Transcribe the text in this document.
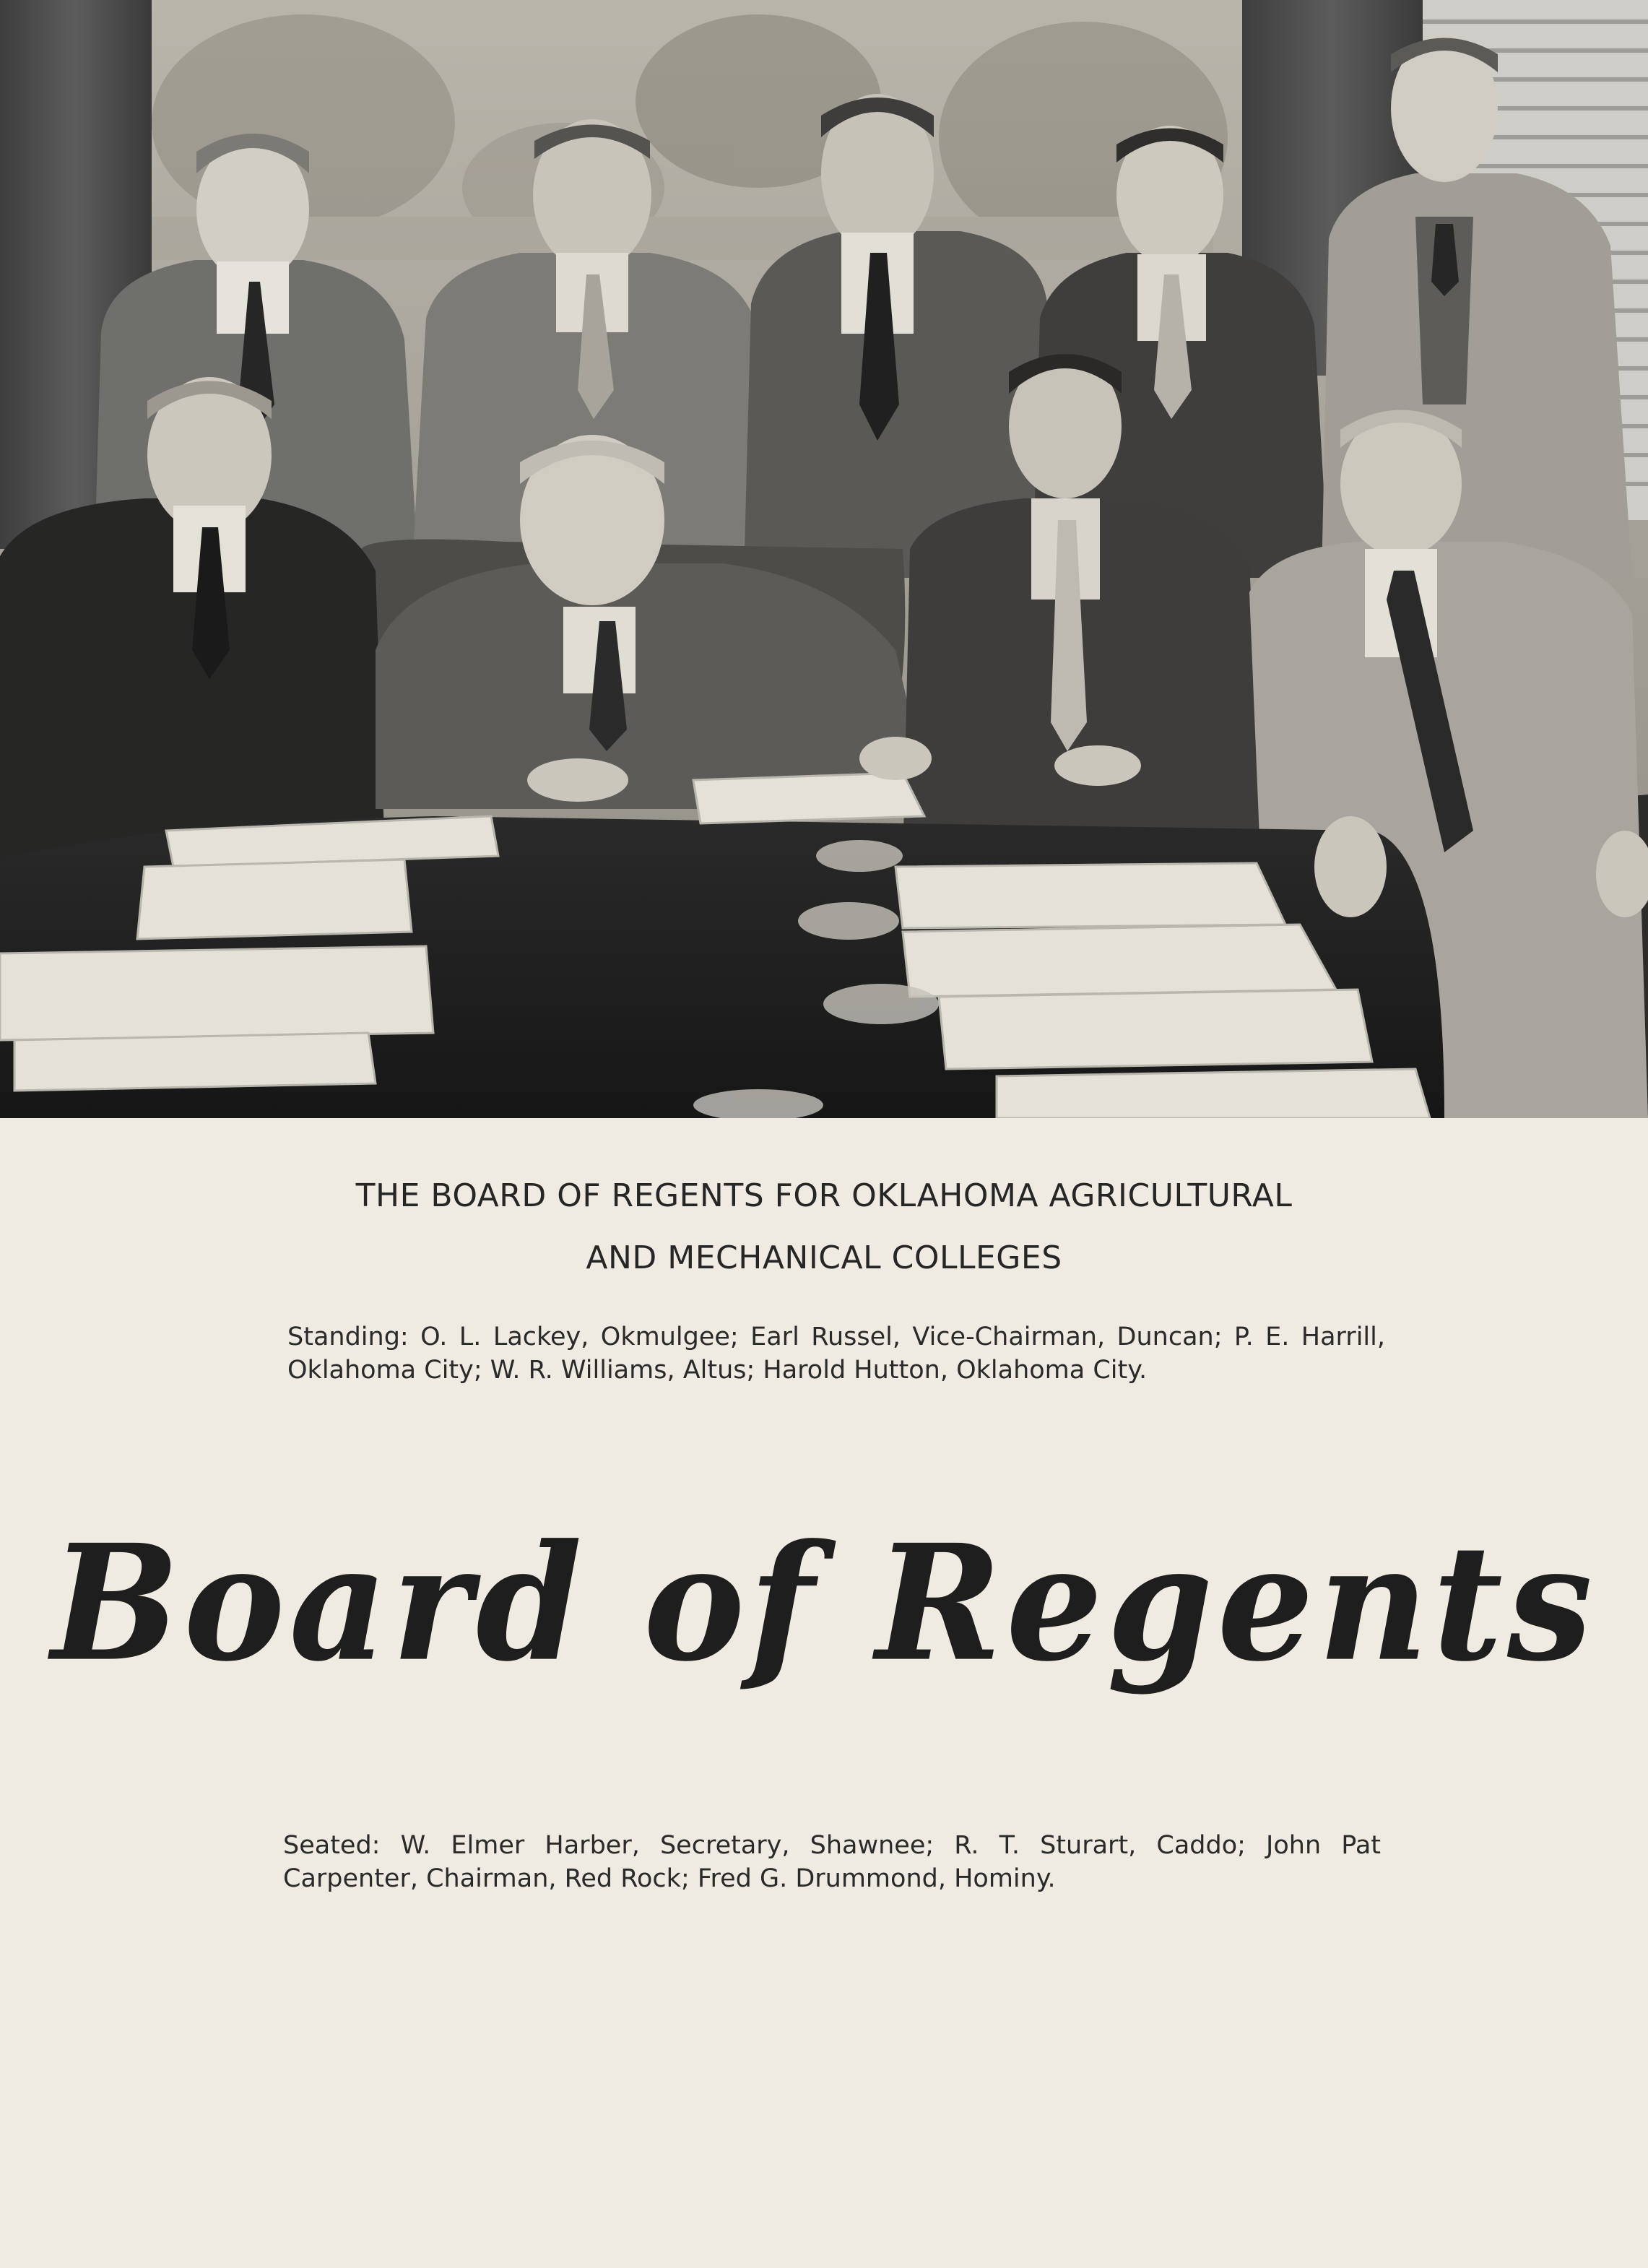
THE BOARD OF REGENTS FOR OKLAHOMA AGRICULTURAL
AND MECHANICAL COLLEGES
Standing: O. L. Lackey, Okmulgee; Earl Russel, Vice-Chairman, Duncan; P. E. Harrill, Oklahoma City; W. R. Williams, Altus; Harold Hutton, Oklahoma City.
Board of Regents
Seated: W. Elmer Harber, Secretary, Shawnee; R. T. Sturart, Caddo; John Pat Carpenter, Chairman, Red Rock; Fred G. Drummond, Hominy.
